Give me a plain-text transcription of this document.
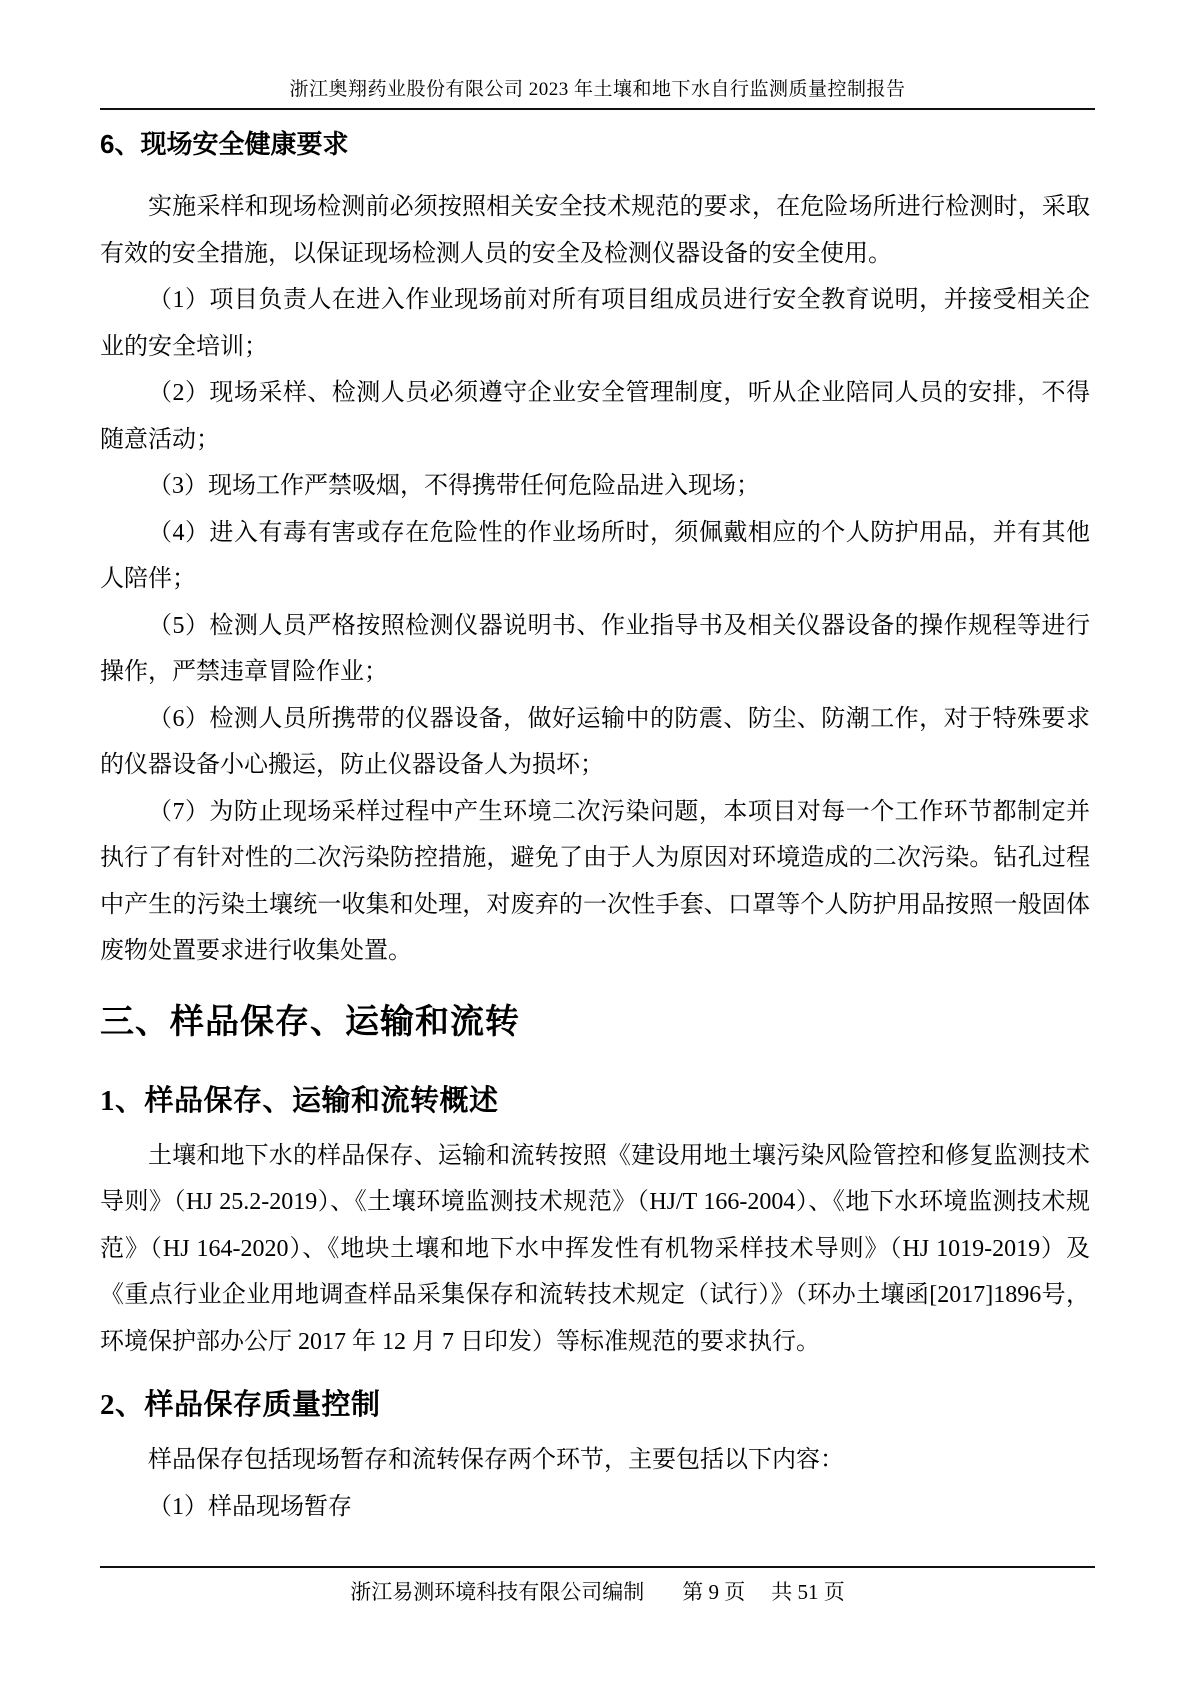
浙江奥翔药业股份有限公司 2023 年土壤和地下水自行监测质量控制报告
6、现场安全健康要求

实施采样和现场检测前必须按照相关安全技术规范的要求，在危险场所进行检测时，采取有效的安全措施，以保证现场检测人员的安全及检测仪器设备的安全使用。

（1）项目负责人在进入作业现场前对所有项目组成员进行安全教育说明，并接受相关企业的安全培训；

（2）现场采样、检测人员必须遵守企业安全管理制度，听从企业陪同人员的安排，不得随意活动；

（3）现场工作严禁吸烟，不得携带任何危险品进入现场；

（4）进入有毒有害或存在危险性的作业场所时，须佩戴相应的个人防护用品，并有其他人陪伴；

（5）检测人员严格按照检测仪器说明书、作业指导书及相关仪器设备的操作规程等进行操作，严禁违章冒险作业；

（6）检测人员所携带的仪器设备，做好运输中的防震、防尘、防潮工作，对于特殊要求的仪器设备小心搬运，防止仪器设备人为损坏；

（7）为防止现场采样过程中产生环境二次污染问题，本项目对每一个工作环节都制定并执行了有针对性的二次污染防控措施，避免了由于人为原因对环境造成的二次污染。钻孔过程中产生的污染土壤统一收集和处理，对废弃的一次性手套、口罩等个人防护用品按照一般固体废物处置要求进行收集处置。

三、样品保存、运输和流转
1、样品保存、运输和流转概述

土壤和地下水的样品保存、运输和流转按照《建设用地土壤污染风险管控和修复监测技术导则》（HJ 25.2-2019）、《土壤环境监测技术规范》（HJ/T 166-2004）、《地下水环境监测技术规范》（HJ 164-2020）、《地块土壤和地下水中挥发性有机物采样技术导则》（HJ 1019-2019）及《重点行业企业用地调查样品采集保存和流转技术规定（试行）》（环办土壤函[2017]1896号，环境保护部办公厅 2017 年 12 月 7 日印发）等标准规范的要求执行。

2、样品保存质量控制

样品保存包括现场暂存和流转保存两个环节，主要包括以下内容：

（1）样品现场暂存

浙江易测环境科技有限公司编制 第 9 页 共 51 页
